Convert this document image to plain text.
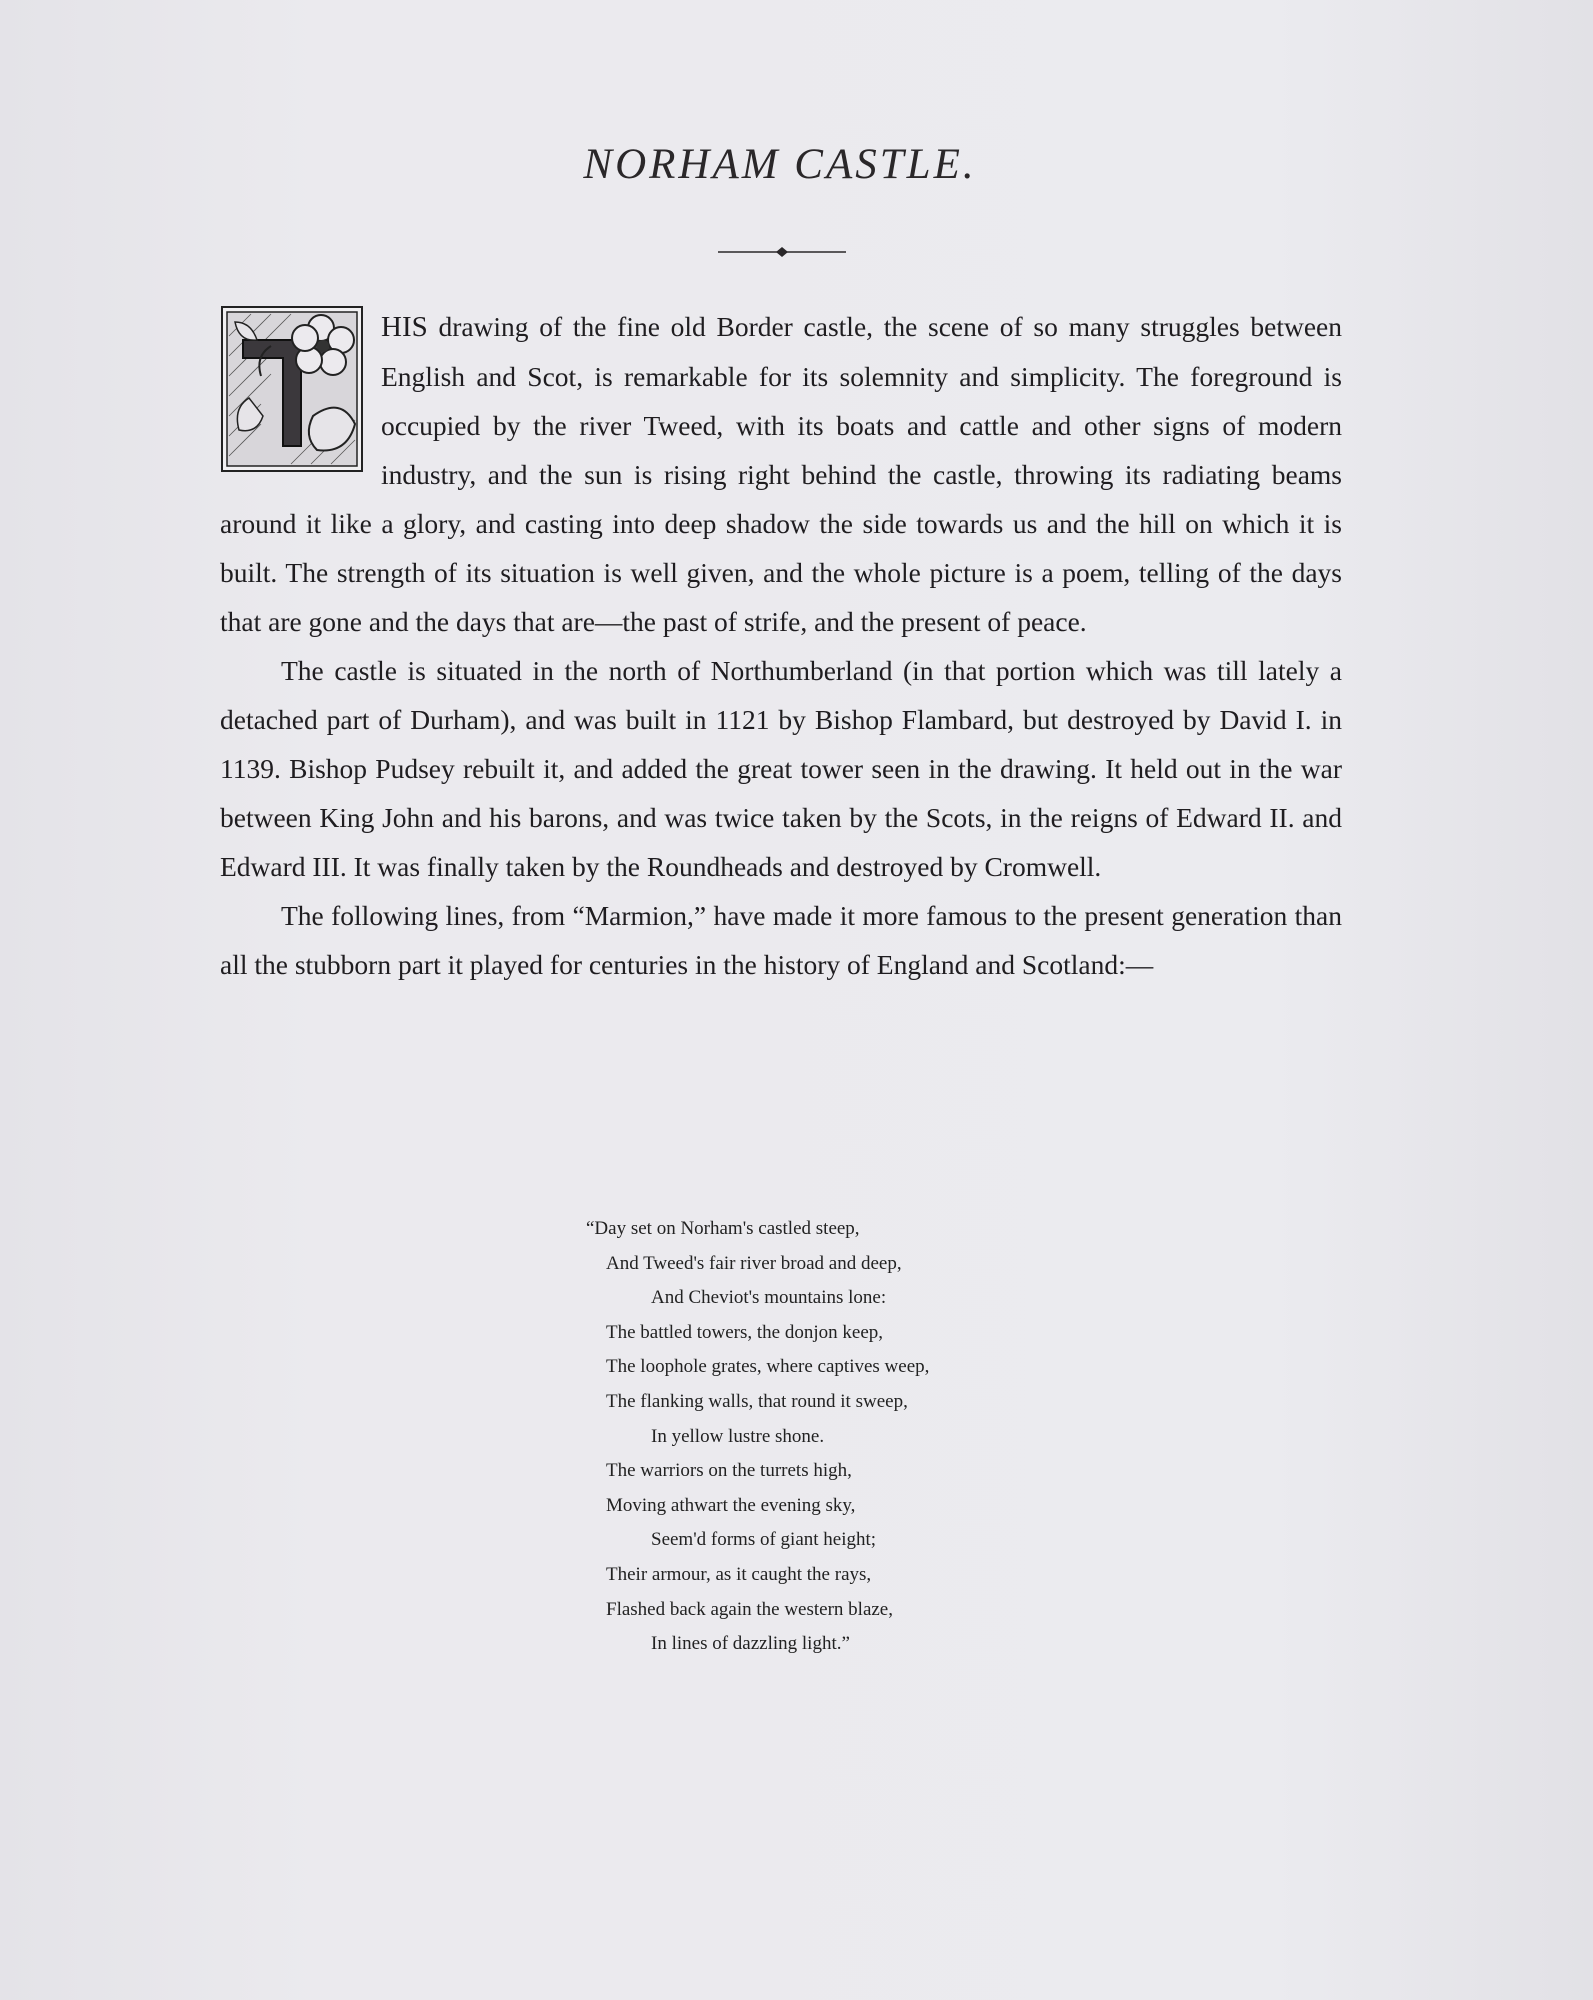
NORHAM CASTLE.

HIS drawing of the fine old Border castle, the scene of so many struggles between English and Scot, is remarkable for its solemnity and simplicity. The foreground is occupied by the river Tweed, with its boats and cattle and other signs of modern industry, and the sun is rising right behind the castle, throwing its radiating beams around it like a glory, and casting into deep shadow the side towards us and the hill on which it is built. The strength of its situation is well given, and the whole picture is a poem, telling of the days that are gone and the days that are—the past of strife, and the present of peace.

The castle is situated in the north of Northumberland (in that portion which was till lately a detached part of Durham), and was built in 1121 by Bishop Flambard, but destroyed by David I. in 1139. Bishop Pudsey rebuilt it, and added the great tower seen in the drawing. It held out in the war between King John and his barons, and was twice taken by the Scots, in the reigns of Edward II. and Edward III. It was finally taken by the Roundheads and destroyed by Cromwell.

The following lines, from “Marmion,” have made it more famous to the present generation than all the stubborn part it played for centuries in the history of England and Scotland:—

“Day set on Norham's castled steep,
And Tweed's fair river broad and deep,
And Cheviot's mountains lone:
The battled towers, the donjon keep,
The loophole grates, where captives weep,
The flanking walls, that round it sweep,
In yellow lustre shone.
The warriors on the turrets high,
Moving athwart the evening sky,
Seem'd forms of giant height;
Their armour, as it caught the rays,
Flashed back again the western blaze,
In lines of dazzling light.”
